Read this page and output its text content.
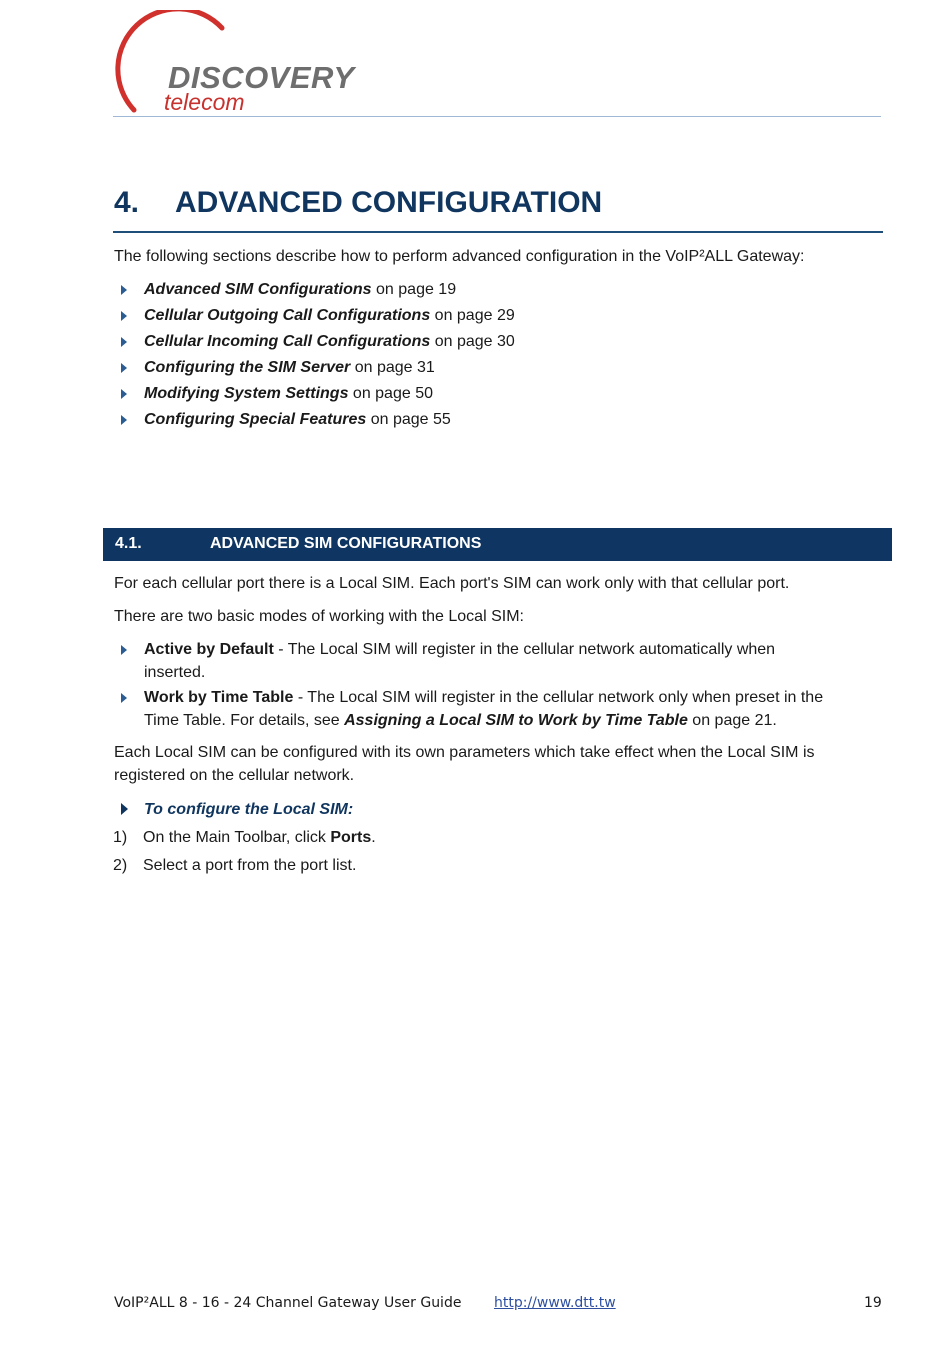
DISCOVERY
telecom
4. ADVANCED CONFIGURATION
The following sections describe how to perform advanced configuration in the VoIP²ALL Gateway:
Advanced SIM Configurations on page 19
Cellular Outgoing Call Configurations on page 29
Cellular Incoming Call Configurations on page 30
Configuring the SIM Server on page 31
Modifying System Settings on page 50
Configuring Special Features on page 55
4.1.	ADVANCED SIM CONFIGURATIONS
For each cellular port there is a Local SIM. Each port's SIM can work only with that cellular port.
There are two basic modes of working with the Local SIM:
Active by Default - The Local SIM will register in the cellular network automatically when
inserted.
Work by Time Table - The Local SIM will register in the cellular network only when preset in the
Time Table. For details, see Assigning a Local SIM to Work by Time Table on page 21.
Each Local SIM can be configured with its own parameters which take effect when the Local SIM is
registered on the cellular network.
To configure the Local SIM:
1) On the Main Toolbar, click Ports.
2) Select a port from the port list.
VoIP²ALL 8 - 16 - 24 Channel Gateway User Guide http://www.dtt.tw	19
